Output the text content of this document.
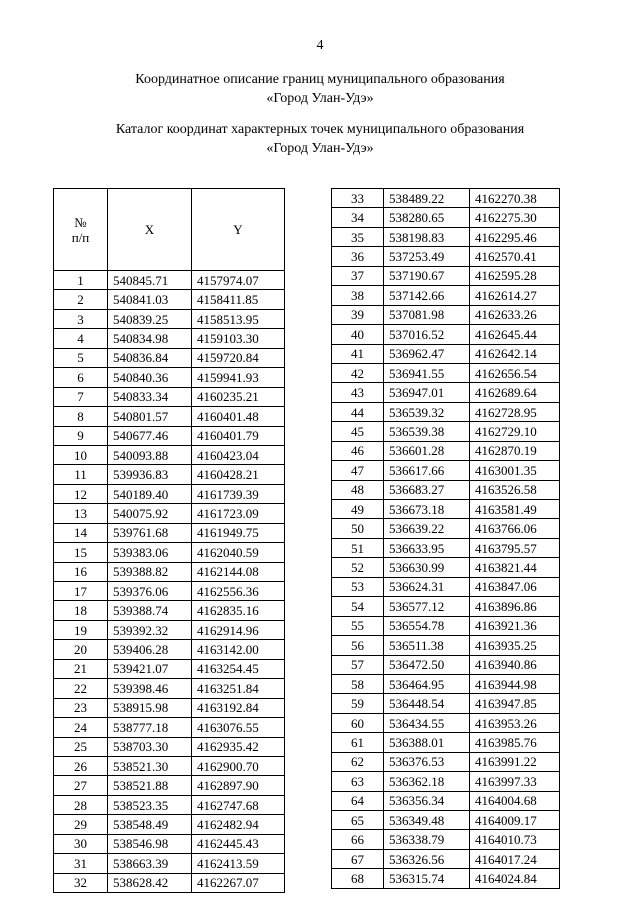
4
Координатное описание границ муниципального образования
«Город Улан-Удэ»
Каталог координат характерных точек муниципального образования
«Город Улан-Удэ»
№
п/п	X	Y
1	540845.71	4157974.07
2	540841.03	4158411.85
3	540839.25	4158513.95
4	540834.98	4159103.30
5	540836.84	4159720.84
6	540840.36	4159941.93
7	540833.34	4160235.21
8	540801.57	4160401.48
9	540677.46	4160401.79
10	540093.88	4160423.04
11	539936.83	4160428.21
12	540189.40	4161739.39
13	540075.92	4161723.09
14	539761.68	4161949.75
15	539383.06	4162040.59
16	539388.82	4162144.08
17	539376.06	4162556.36
18	539388.74	4162835.16
19	539392.32	4162914.96
20	539406.28	4163142.00
21	539421.07	4163254.45
22	539398.46	4163251.84
23	538915.98	4163192.84
24	538777.18	4163076.55
25	538703.30	4162935.42
26	538521.30	4162900.70
27	538521.88	4162897.90
28	538523.35	4162747.68
29	538548.49	4162482.94
30	538546.98	4162445.43
31	538663.39	4162413.59
32	538628.42	4162267.07
33	538489.22	4162270.38
34	538280.65	4162275.30
35	538198.83	4162295.46
36	537253.49	4162570.41
37	537190.67	4162595.28
38	537142.66	4162614.27
39	537081.98	4162633.26
40	537016.52	4162645.44
41	536962.47	4162642.14
42	536941.55	4162656.54
43	536947.01	4162689.64
44	536539.32	4162728.95
45	536539.38	4162729.10
46	536601.28	4162870.19
47	536617.66	4163001.35
48	536683.27	4163526.58
49	536673.18	4163581.49
50	536639.22	4163766.06
51	536633.95	4163795.57
52	536630.99	4163821.44
53	536624.31	4163847.06
54	536577.12	4163896.86
55	536554.78	4163921.36
56	536511.38	4163935.25
57	536472.50	4163940.86
58	536464.95	4163944.98
59	536448.54	4163947.85
60	536434.55	4163953.26
61	536388.01	4163985.76
62	536376.53	4163991.22
63	536362.18	4163997.33
64	536356.34	4164004.68
65	536349.48	4164009.17
66	536338.79	4164010.73
67	536326.56	4164017.24
68	536315.74	4164024.84
